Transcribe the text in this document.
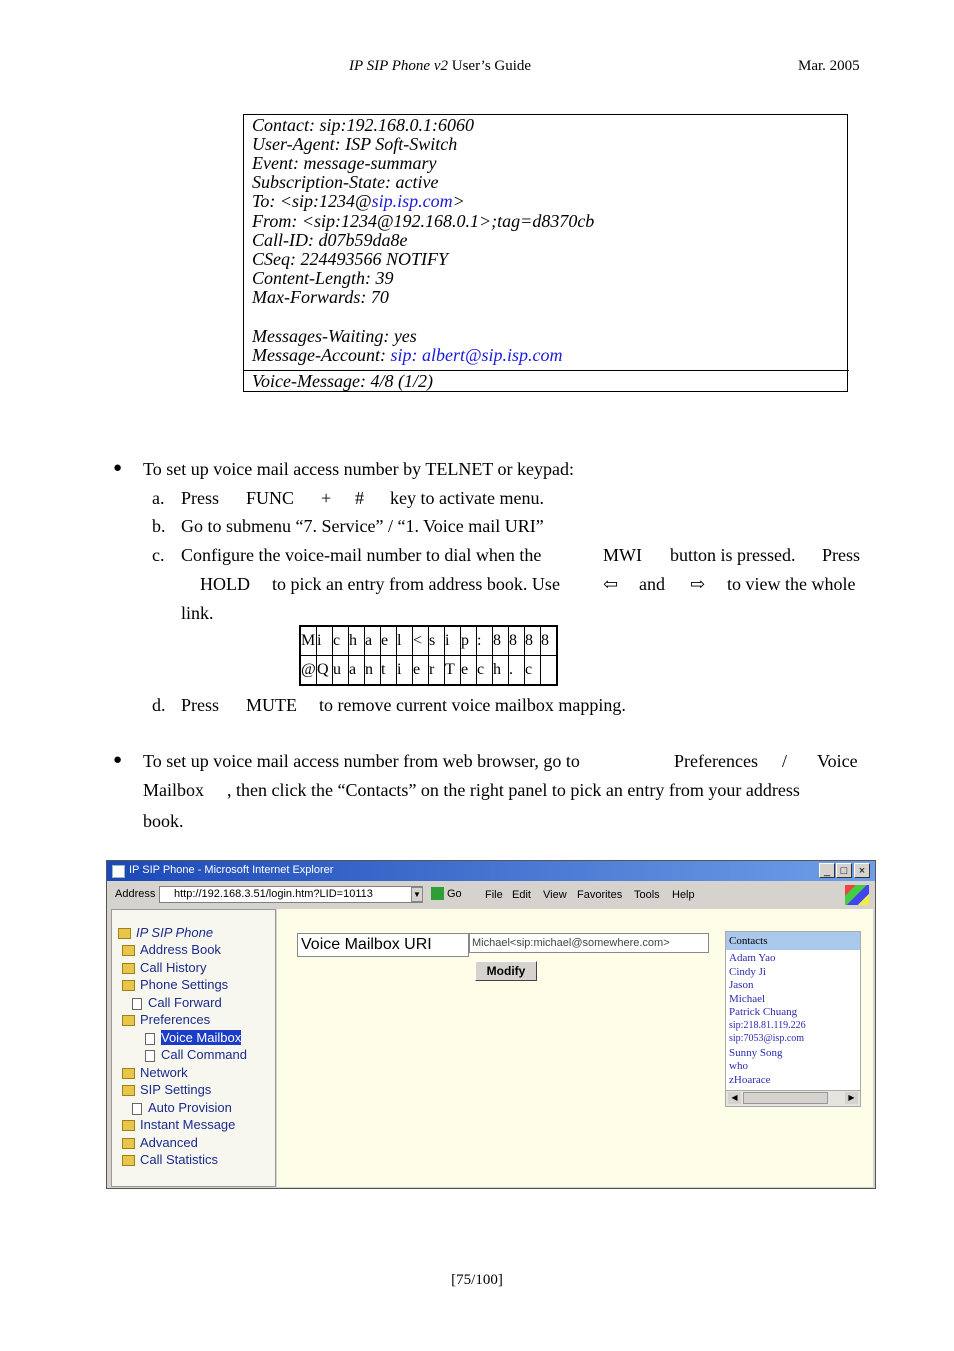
IP SIP Phone v2 User’s Guide	Mar. 2005
Contact: sip:192.168.0.1:6060
User-Agent: ISP Soft-Switch
Event: message-summary
Subscription-State: active
To: <sip:1234@sip.isp.com>
From: <sip:1234@192.168.0.1>;tag=d8370cb
Call-ID: d07b59da8e
CSeq: 224493566 NOTIFY
Content-Length: 39
Max-Forwards: 70
Messages-Waiting: yes
Message-Account: sip: albert@sip.isp.com
Voice-Message: 4/8 (1/2)
● To set up voice mail access number by TELNET or keypad:
a. Press FUNC + # key to activate menu.
b. Go to submenu “7. Service” / “1. Voice mail URI”
c. Configure the voice-mail number to dial when the	MWI button is pressed. Press
HOLD to pick an entry from address book. Use ⇦ and ⇨ to view the whole
link.
M	i	c	h	a	e	l	<	s	i	p	:	8	8	8	8
@	Q	u	a	n	t	i	e	r	T	e	c	h	.	c	
d. Press MUTE to remove current voice mailbox mapping.
● To set up voice mail access number from web browser, go to	Preferences / Voice
Mailbox , then click the “Contacts” on the right panel to pick an entry from your address
book.
IP SIP Phone - Microsoft Internet Explorer	_ □	×
Address	http://192.168.3.51/login.htm?LID=10113	▼ Go File Edit View Favorites Tools Help
IP SIP Phone
Address Book
Call History
Phone Settings
Call Forward
Preferences
Voice Mailbox
Call Command
Network
SIP Settings
Auto Provision
Instant Message
Advanced
Call Statistics
Voice Mailbox URI	Michael<sip:michael@somewhere.com>
Modify
Contacts
Adam Yao
Cindy Ji
Jason
Michael
Patrick Chuang
sip:218.81.119.226
sip:7053@isp.com
Sunny Song
who
zHoarace
◀	▶
[75/100]
